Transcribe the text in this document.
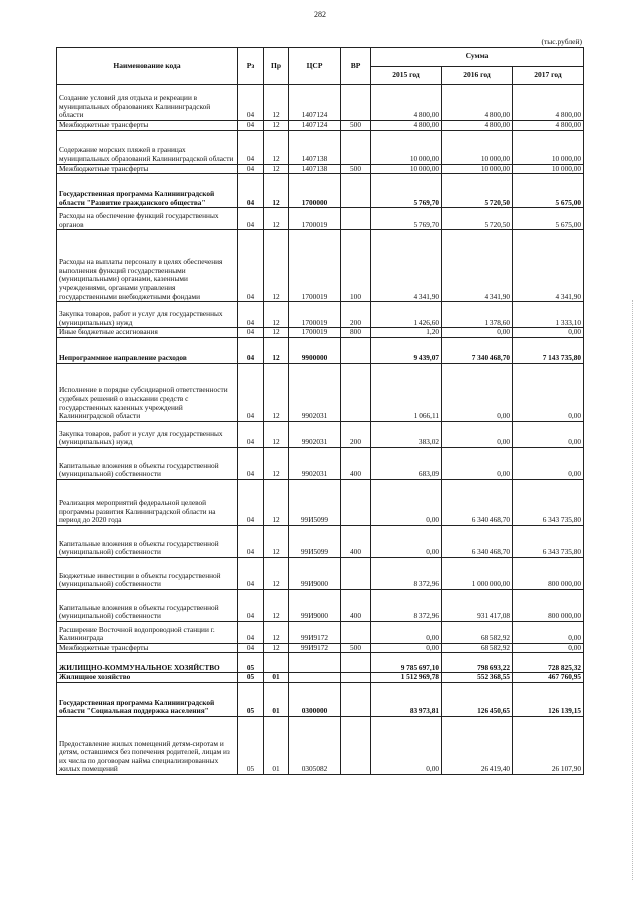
282
(тыс.рублей)
Наименование кода	Рз	Пр	ЦСР	ВР	Сумма		
					2015 год	2016 год	2017 год
Создание условий для отдыха и рекреации в муниципальных образованиях Калининградской области	04	12	1407124		4 800,00	4 800,00	4 800,00
Межбюджетные трансферты	04	12	1407124	500	4 800,00	4 800,00	4 800,00
Содержание морских пляжей в границах муниципальных образований Калининградской области	04	12	1407138		10 000,00	10 000,00	10 000,00
Межбюджетные трансферты	04	12	1407138	500	10 000,00	10 000,00	10 000,00
Государственная программа Калининградской области "Развитие гражданского общества"	04	12	1700000		5 769,70	5 720,50	5 675,00
Расходы на обеспечение функций государственных органов	04	12	1700019		5 769,70	5 720,50	5 675,00
Расходы на выплаты персоналу в целях обеспечения выполнения функций государственными (муниципальными) органами, казенными учреждениями, органами управления государственными внебюджетными фондами	04	12	1700019	100	4 341,90	4 341,90	4 341,90
Закупка товаров, работ и услуг для государственных (муниципальных) нужд	04	12	1700019	200	1 426,60	1 378,60	1 333,10
Иные бюджетные ассигнования	04	12	1700019	800	1,20	0,00	0,00
Непрограммное направление расходов	04	12	9900000		9 439,07	7 340 468,70	7 143 735,80
Исполнение в порядке субсидиарной ответственности судебных решений о взыскании средств с государственных казенных учреждений Калининградской области	04	12	9902031		1 066,11	0,00	0,00
Закупка товаров, работ и услуг для государственных (муниципальных) нужд	04	12	9902031	200	383,02	0,00	0,00
Капитальные вложения в объекты государственной (муниципальной) собственности	04	12	9902031	400	683,09	0,00	0,00
Реализация мероприятий федеральной целевой программы развития Калининградской области на период до 2020 года	04	12	99И5099		0,00	6 340 468,70	6 343 735,80
Капитальные вложения в объекты государственной (муниципальной) собственности	04	12	99И5099	400	0,00	6 340 468,70	6 343 735,80
Бюджетные инвестиции в объекты государственной (муниципальной) собственности	04	12	99И9000		8 372,96	1 000 000,00	800 000,00
Капитальные вложения в объекты государственной (муниципальной) собственности	04	12	99И9000	400	8 372,96	931 417,08	800 000,00
Расширение Восточной водопроводной станции г. Калининграда	04	12	99И9172		0,00	68 582,92	0,00
Межбюджетные трансферты	04	12	99И9172	500	0,00	68 582,92	0,00
ЖИЛИЩНО-КОММУНАЛЬНОЕ ХОЗЯЙСТВО	05				9 785 697,10	798 693,22	728 825,32
Жилищное хозяйство	05	01			1 512 969,78	552 368,55	467 760,95
Государственная программа Калининградской области "Социальная поддержка населения"	05	01	0300000		83 973,81	126 450,65	126 139,15
Предоставление жилых помещений детям-сиротам и детям, оставшимся без попечения родителей, лицам из их числа по договорам найма специализированных жилых помещений	05	01	0305082		0,00	26 419,40	26 107,90
